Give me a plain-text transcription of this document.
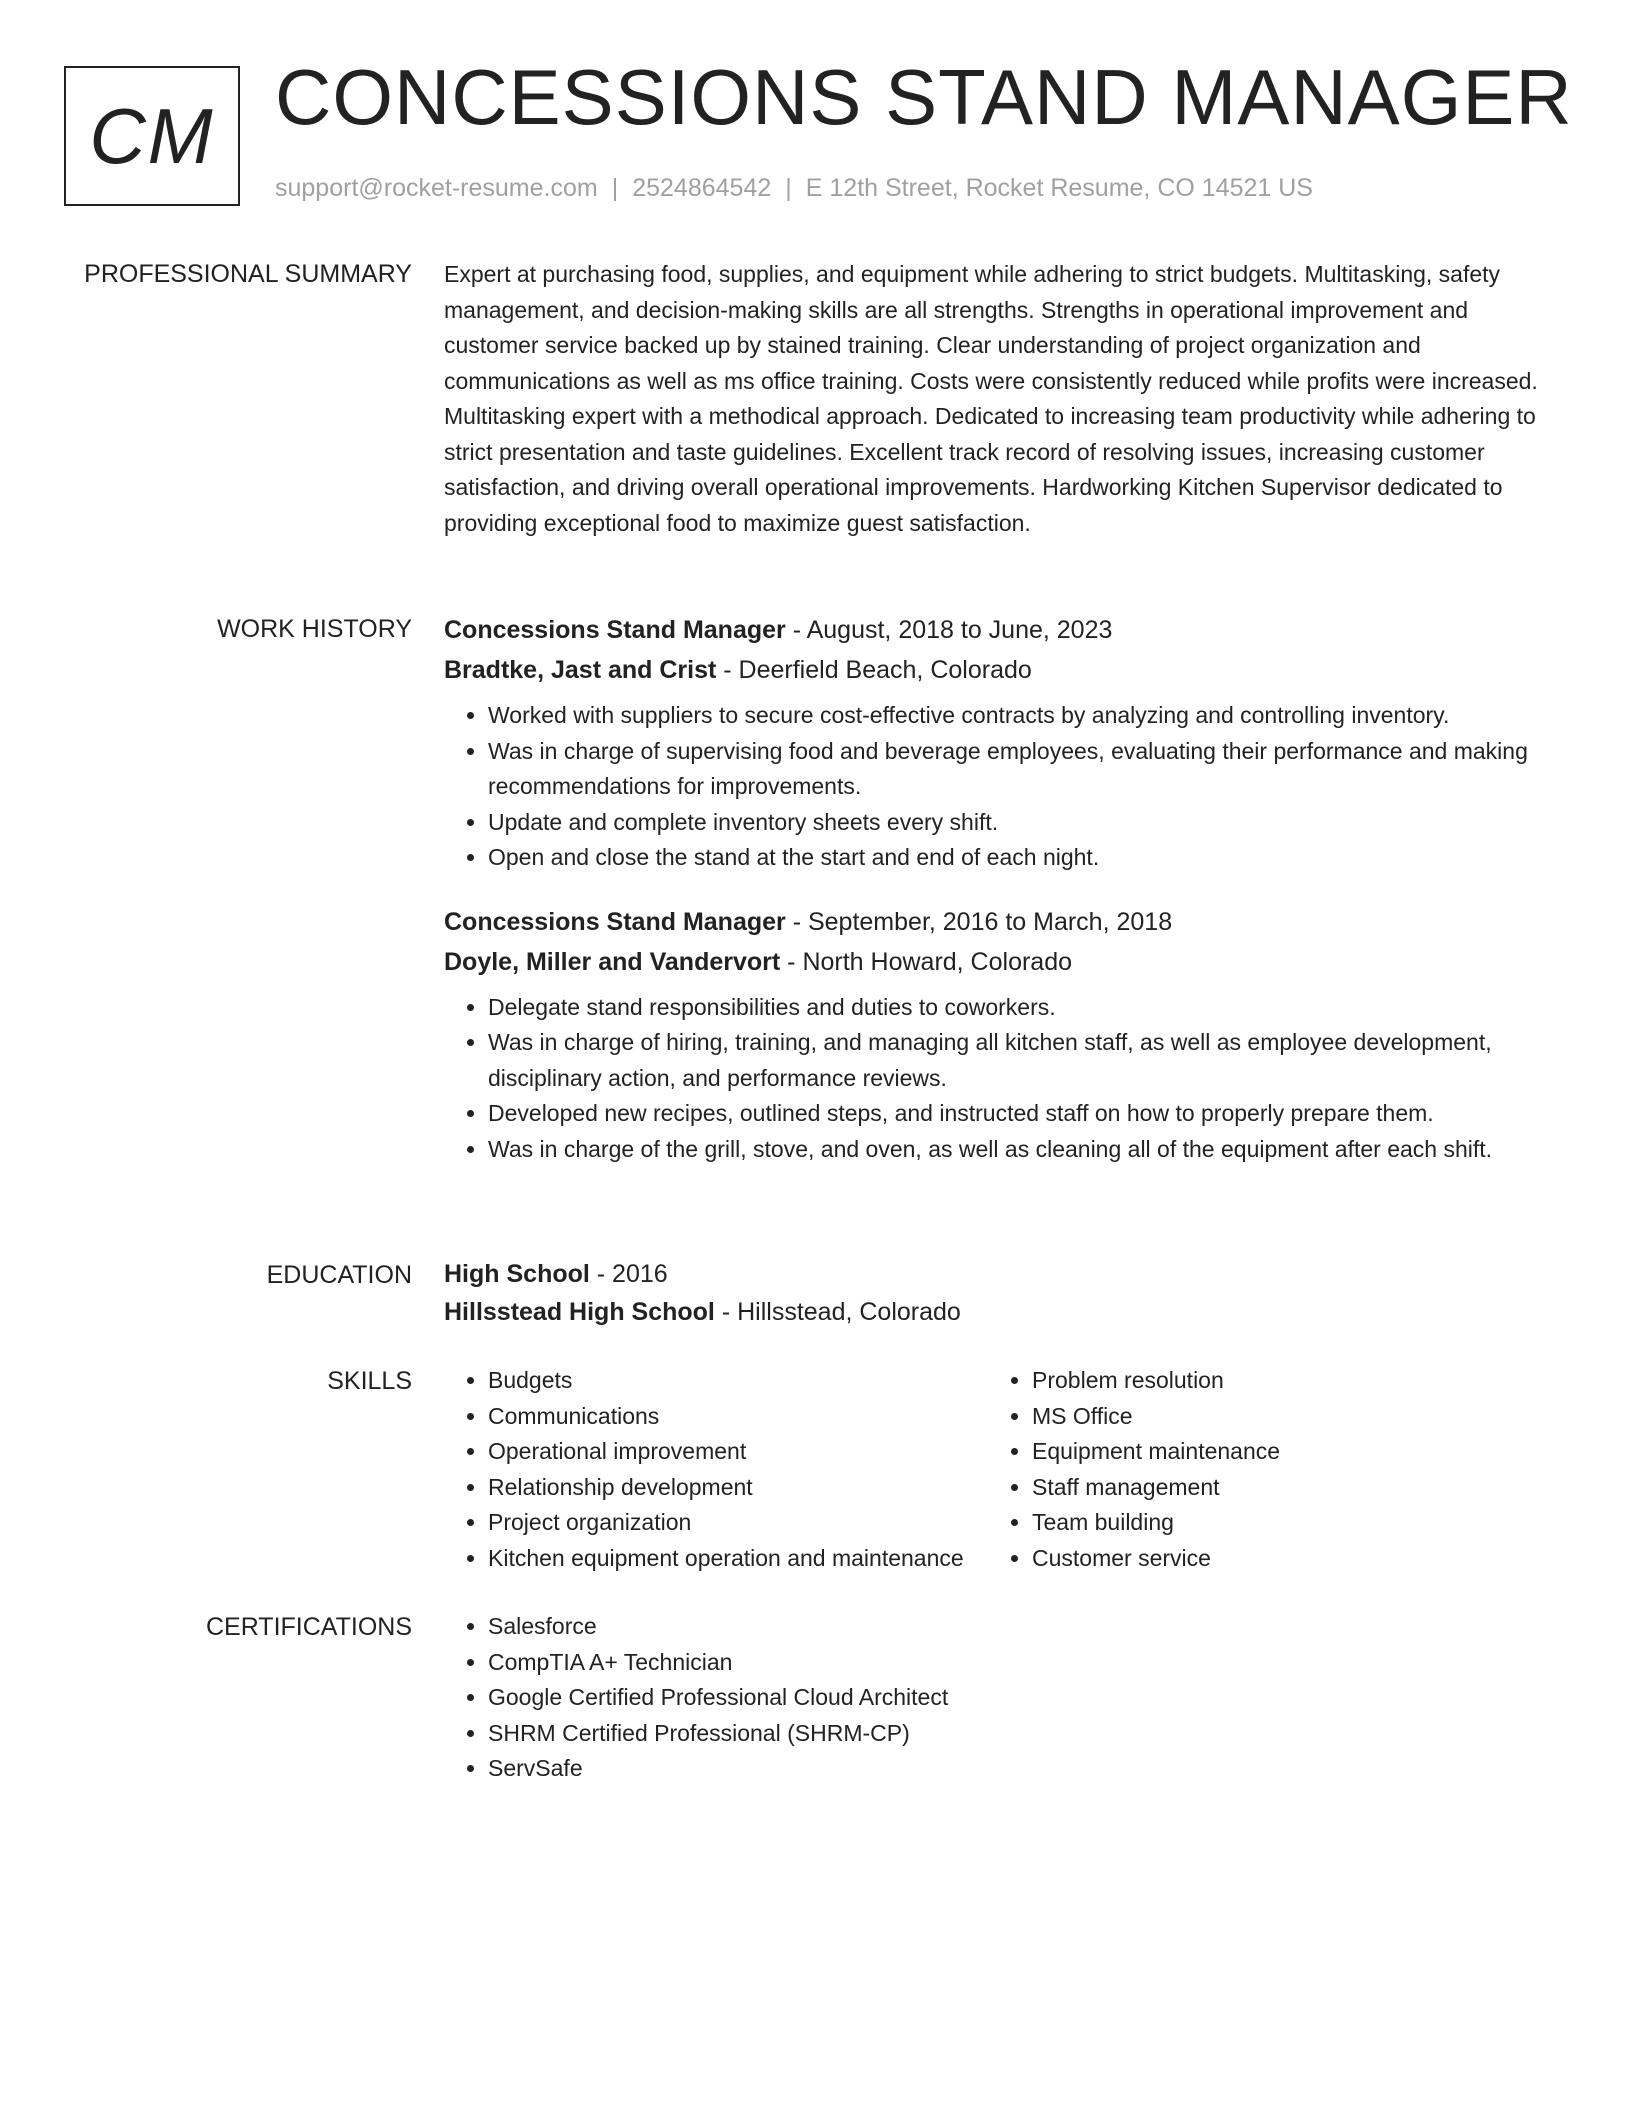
CM CONCESSIONS STAND MANAGER
support@rocket-resume.com | 2524864542 | E 12th Street, Rocket Resume, CO 14521 US
PROFESSIONAL SUMMARY Expert at purchasing food, supplies, and equipment while adhering to strict budgets. Multitasking, safety management, and decision-making skills are all strengths. Strengths in operational improvement and customer service backed up by stained training. Clear understanding of project organization and communications as well as ms office training. Costs were consistently reduced while profits were increased. Multitasking expert with a methodical approach. Dedicated to increasing team productivity while adhering to strict presentation and taste guidelines. Excellent track record of resolving issues, increasing customer satisfaction, and driving overall operational improvements. Hardworking Kitchen Supervisor dedicated to providing exceptional food to maximize guest satisfaction.

WORK HISTORY Concessions Stand Manager - August, 2018 to June, 2023
Bradtke, Jast and Crist - Deerfield Beach, Colorado
• Worked with suppliers to secure cost-effective contracts by analyzing and controlling inventory.
• Was in charge of supervising food and beverage employees, evaluating their performance and making recommendations for improvements.
• Update and complete inventory sheets every shift.
• Open and close the stand at the start and end of each night.
Concessions Stand Manager - September, 2016 to March, 2018
Doyle, Miller and Vandervort - North Howard, Colorado
• Delegate stand responsibilities and duties to coworkers.
• Was in charge of hiring, training, and managing all kitchen staff, as well as employee development, disciplinary action, and performance reviews.
• Developed new recipes, outlined steps, and instructed staff on how to properly prepare them.
• Was in charge of the grill, stove, and oven, as well as cleaning all of the equipment after each shift.
EDUCATION High School - 2016
Hillsstead High School - Hillsstead, Colorado
SKILLS	• Budgets
• Communications
• Operational improvement
• Relationship development
• Project organization
• Kitchen equipment operation and maintenance
• Problem resolution
• MS Office
• Equipment maintenance
• Staff management
• Team building
• Customer service
CERTIFICATIONS	• Salesforce
• CompTIA A+ Technician
• Google Certified Professional Cloud Architect
• SHRM Certified Professional (SHRM-CP)
• ServSafe
